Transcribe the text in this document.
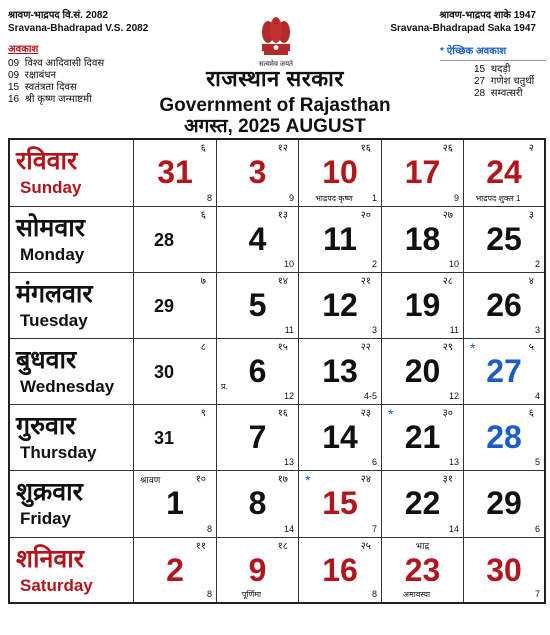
श्रावण-भाद्रपद वि.सं. 2082
Sravana-Bhadrapad V.S. 2082
श्रावण-भाद्रपद शाके 1947
Sravana-Bhadrapad Saka 1947
सत्यमेव जयते
राजस्थान सरकार
Government of Rajasthan
अगस्त, 2025 AUGUST
अवकाश
09 विश्व आदिवासी दिवस
09 रक्षाबंधन
15 स्वतंत्रता दिवस
16 श्री कृष्ण जन्माष्टमी
* ऐच्छिक अवकाश
15 थदड़ी
27 गणेश चतुर्थी
28 सम्वत्सरी
रविवार
Sunday
६
31
8
१२
3
9
१६
10
भाद्रपद कृष्ण	1
२६
17
9
२
24
भाद्रपद शुक्ल 1
सोमवार
Monday
६
28
१३
4
10
२०
11
2
२७
18
10
३
25
2
मंगलवार
Tuesday
७
29
१४
5
11
२१
12
3
२८
19
11
४
26
3
बुधवार
Wednesday
८
30
१५
6
प्र.
12
२२
13
4-5
२९
20
12
५
*
27
4
गुरुवार
Thursday
९
31
१६
7
13
२३
14
6
३०
*
21
13
६
28
5
शुक्रवार
Friday
१०
श्रावण
1
8
१७
8
14
२४
*
15
7
३१
22
14
29
6
शनिवार
Saturday
११
2
8
१८
9
पूर्णिमा
२५
16
8
भाद्र
23
अमावस्या
30
7
